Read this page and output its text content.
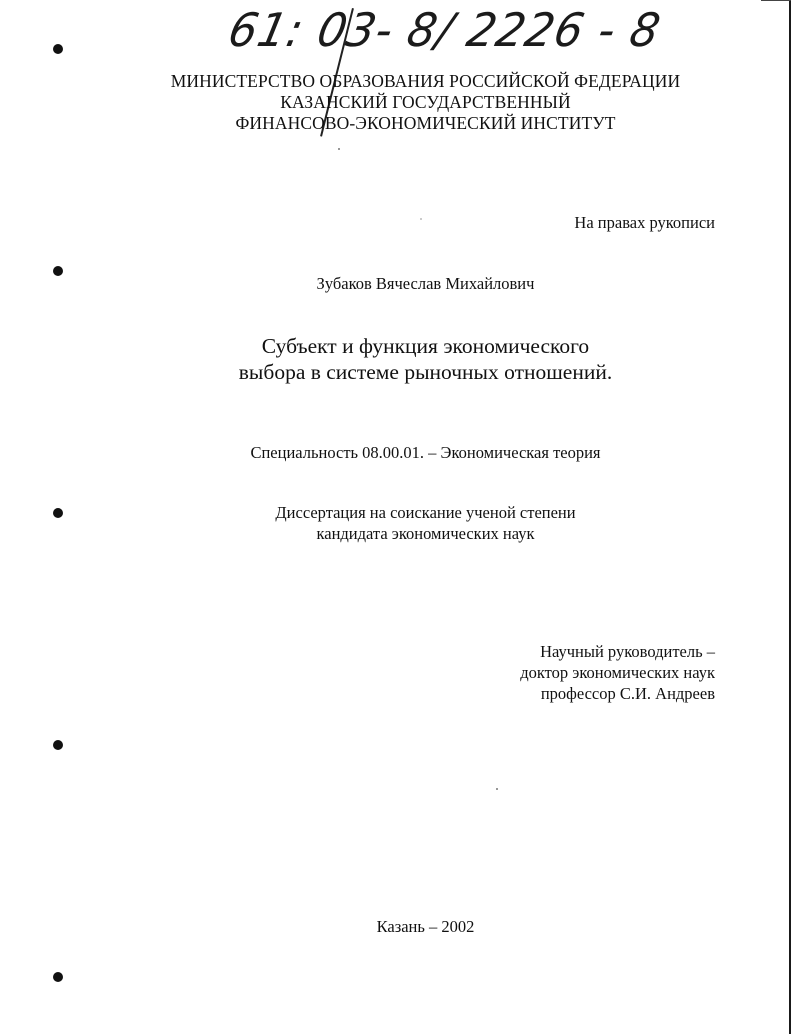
61: 03- 8/ 2226 - 8
МИНИСТЕРСТВО ОБРАЗОВАНИЯ РОССИЙСКОЙ ФЕДЕРАЦИИ
КАЗАНСКИЙ ГОСУДАРСТВЕННЫЙ
ФИНАНСОВО-ЭКОНОМИЧЕСКИЙ ИНСТИТУТ
На правах рукописи
Зубаков Вячеслав Михайлович
Субъект и функция экономического
выбора в системе рыночных отношений.
Специальность 08.00.01. – Экономическая теория
Диссертация на соискание ученой степени
кандидата экономических наук
Научный руководитель –
доктор экономических наук
профессор С.И. Андреев
Казань – 2002
